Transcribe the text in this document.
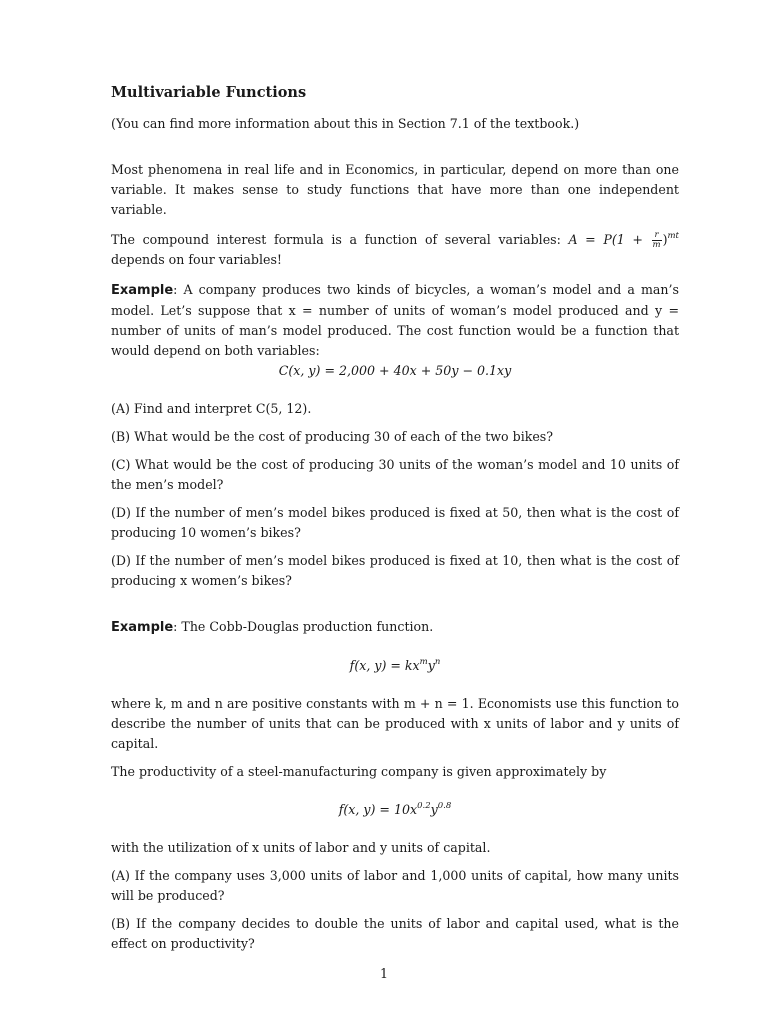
Multivariable Functions

(You can find more information about this in Section 7.1 of the textbook.)

Most phenomena in real life and in Economics, in particular, depend on more than one variable. It makes sense to study functions that have more than one independent variable.

The compound interest formula is a function of several variables: $A = P(1 + \frac{r}{m} )^{mt}$ depends on four variables!

Example: A company produces two kinds of bicycles, a woman’s model and a man’s model. Let’s suppose that x = number of units of woman’s model produced and y = number of units of man’s model produced. The cost function would be a function that would depend on both variables:

C(x, y) = 2,000 + 40x + 50y − 0.1xy

(A) Find and interpret C(5, 12).

(B) What would be the cost of producing 30 of each of the two bikes?

(C) What would be the cost of producing 30 units of the woman’s model and 10 units of the men’s model?

(D) If the number of men’s model bikes produced is fixed at 50, then what is the cost of producing 10 women’s bikes?

(D) If the number of men’s model bikes produced is fixed at 10, then what is the cost of producing x women’s bikes?

Example: The Cobb-Douglas production function.

f(x, $y) = kx^my^n$

where k, m and n are positive constants with m + n = 1. Economists use this function to describe the number of units that can be produced with x units of labor and y units of capital.

The productivity of a steel-manufacturing company is given approximately by

f(x, $y) = 10x^{0.2}y^{0.8}$

with the utilization of x units of labor and y units of capital.

(A) If the company uses 3,000 units of labor and 1,000 units of capital, how many units will be produced?

(B) If the company decides to double the units of labor and capital used, what is the effect on productivity?

1
